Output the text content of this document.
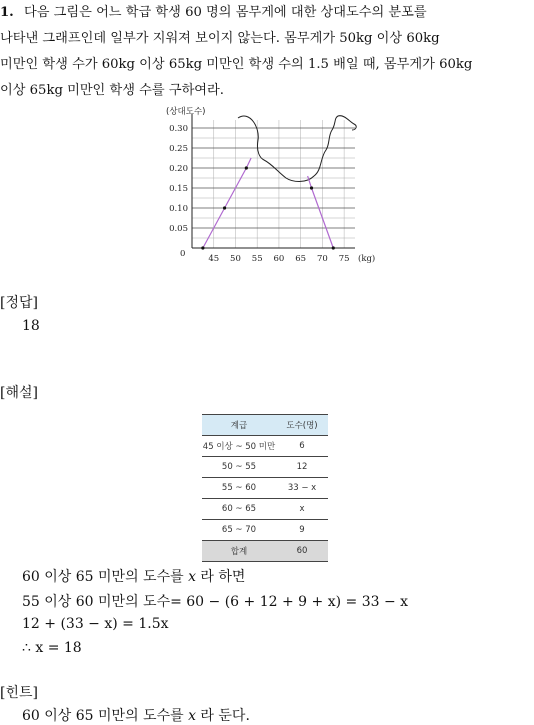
1. 다음 그림은 어느 학급 학생 60 명의 몸무게에 대한 상대도수의 분포를
나타낸 그래프인데 일부가 지워져 보이지 않는다. 몸무게가 50kg 이상 60kg
미만인 학생 수가 60kg 이상 65kg 미만인 학생 수의 1.5 배일 때, 몸무게가 60kg
이상 65kg 미만인 학생 수를 구하여라.
45 50 55 60 65 70 75
0.05
0.10
0.15
0.20
0.25
0.30
0
(상대도수)
(kg)
[정답]
18
[해설]
계급	도수(명)
45 이상 ~ 50 미만	6
50 ~ 55	12
55 ~ 60	33 − x
60 ~ 65	x
65 ~ 70	9
합계	60
60 이상 65 미만의 도수를 x 라 하면
55 이상 60 미만의 도수= 60 − (6 + 12 + 9 + x) = 33 − x
12 + (33 − x) = 1.5x
∴ x = 18
[힌트]
60 이상 65 미만의 도수를 x 라 둔다.
